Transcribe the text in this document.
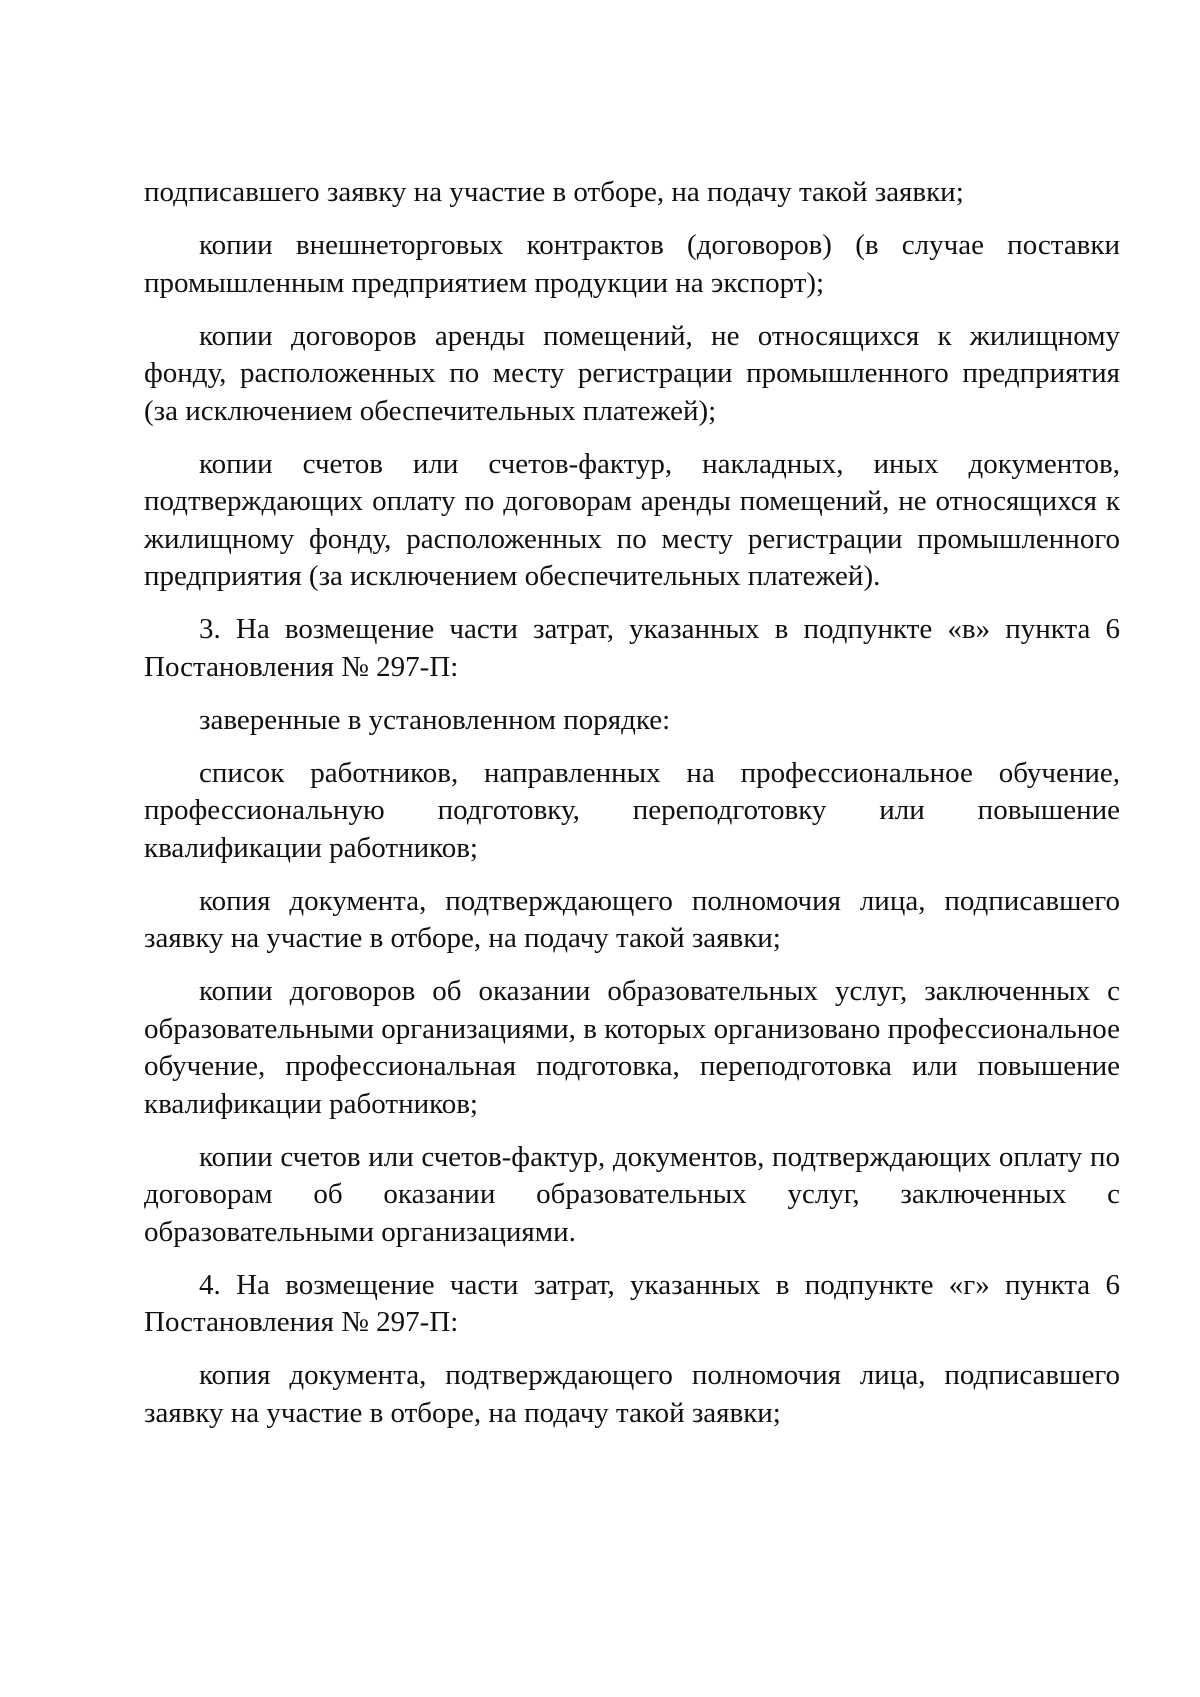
подписавшего заявку на участие в отборе, на подачу такой заявки;

копии внешнеторговых контрактов (договоров) (в случае поставки промышленным предприятием продукции на экспорт);

копии договоров аренды помещений, не относящихся к жилищному фонду, расположенных по месту регистрации промышленного предприятия (за исключением обеспечительных платежей);

копии счетов или счетов-фактур, накладных, иных документов, подтверждающих оплату по договорам аренды помещений, не относящихся к жилищному фонду, расположенных по месту регистрации промышленного предприятия (за исключением обеспечительных платежей).

3. На возмещение части затрат, указанных в подпункте «в» пункта 6 Постановления № 297-П:

заверенные в установленном порядке:

список работников, направленных на профессиональное обучение, профессиональную подготовку, переподготовку или повышение квалификации работников;

копия документа, подтверждающего полномочия лица, подписавшего заявку на участие в отборе, на подачу такой заявки;

копии договоров об оказании образовательных услуг, заключенных с образовательными организациями, в которых организовано профессиональное обучение, профессиональная подготовка, переподготовка или повышение квалификации работников;

копии счетов или счетов-фактур, документов, подтверждающих оплату по договорам об оказании образовательных услуг, заключенных с образовательными организациями.

4. На возмещение части затрат, указанных в подпункте «г» пункта 6 Постановления № 297-П:

копия документа, подтверждающего полномочия лица, подписавшего заявку на участие в отборе, на подачу такой заявки;
